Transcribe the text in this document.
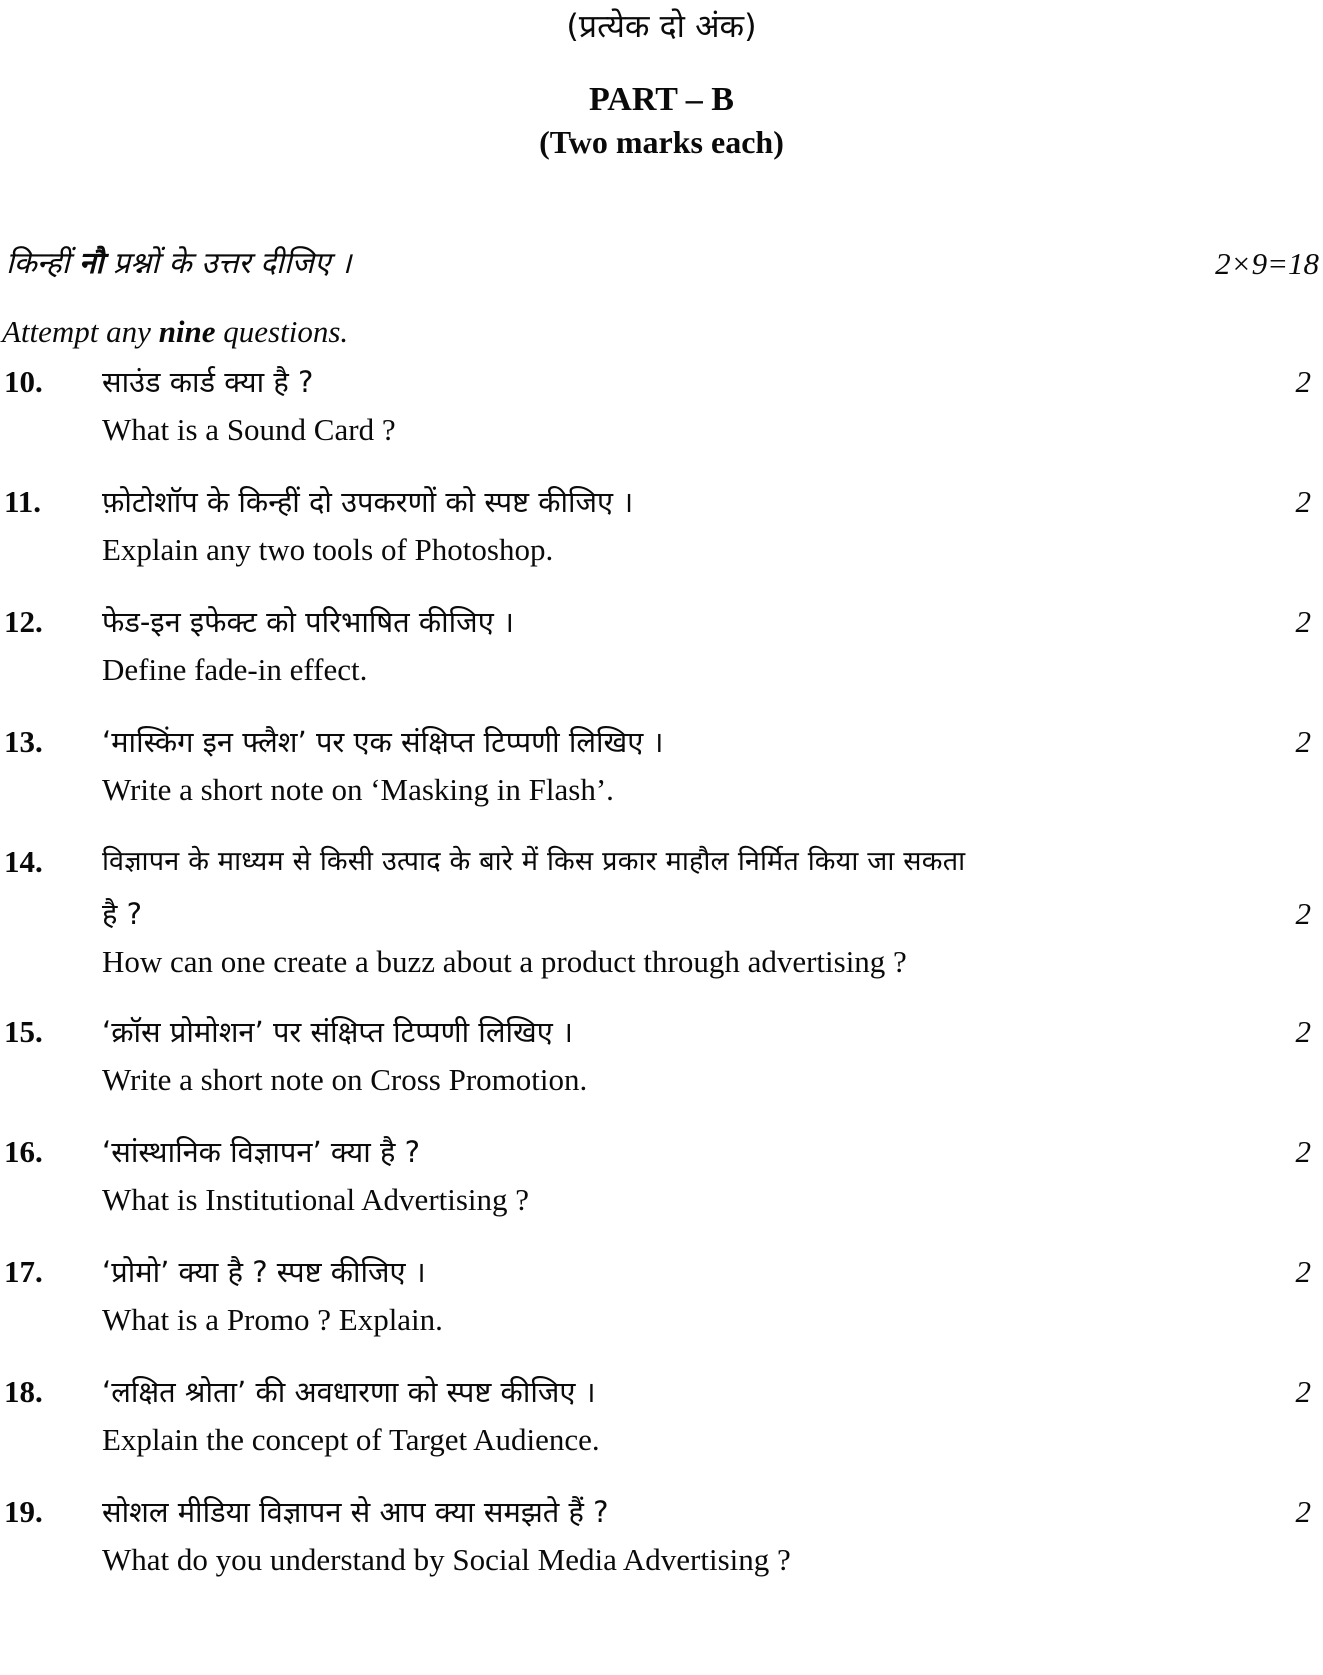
(प्रत्येक दो अंक)
PART – B
(Two marks each)
किन्हीं नौ प्रश्नों के उत्तर दीजिए ।	2×9=18
Attempt any nine questions.
10. साउंड कार्ड क्या है ?
What is a Sound Card ?
2
11. फ़ोटोशॉप के किन्हीं दो उपकरणों को स्पष्ट कीजिए ।
Explain any two tools of Photoshop.
2
12. फेड-इन इफेक्ट को परिभाषित कीजिए ।
Define fade-in effect.
2
13. ‘मास्किंग इन फ्लैश’ पर एक संक्षिप्त टिप्पणी लिखिए ।
Write a short note on ‘Masking in Flash’.
2
14. विज्ञापन के माध्यम से किसी उत्पाद के बारे में किस प्रकार माहौल निर्मित किया जा सकता
है ?
How can one create a buzz about a product through advertising ?
2
15. ‘क्रॉस प्रोमोशन’ पर संक्षिप्त टिप्पणी लिखिए ।
Write a short note on Cross Promotion.
2
16. ‘सांस्थानिक विज्ञापन’ क्या है ?
What is Institutional Advertising ?
2
17. ‘प्रोमो’ क्या है ? स्पष्ट कीजिए ।
What is a Promo ? Explain.
2
18. ‘लक्षित श्रोता’ की अवधारणा को स्पष्ट कीजिए ।
Explain the concept of Target Audience.
2
19. सोशल मीडिया विज्ञापन से आप क्या समझते हैं ?
What do you understand by Social Media Advertising ?
2
